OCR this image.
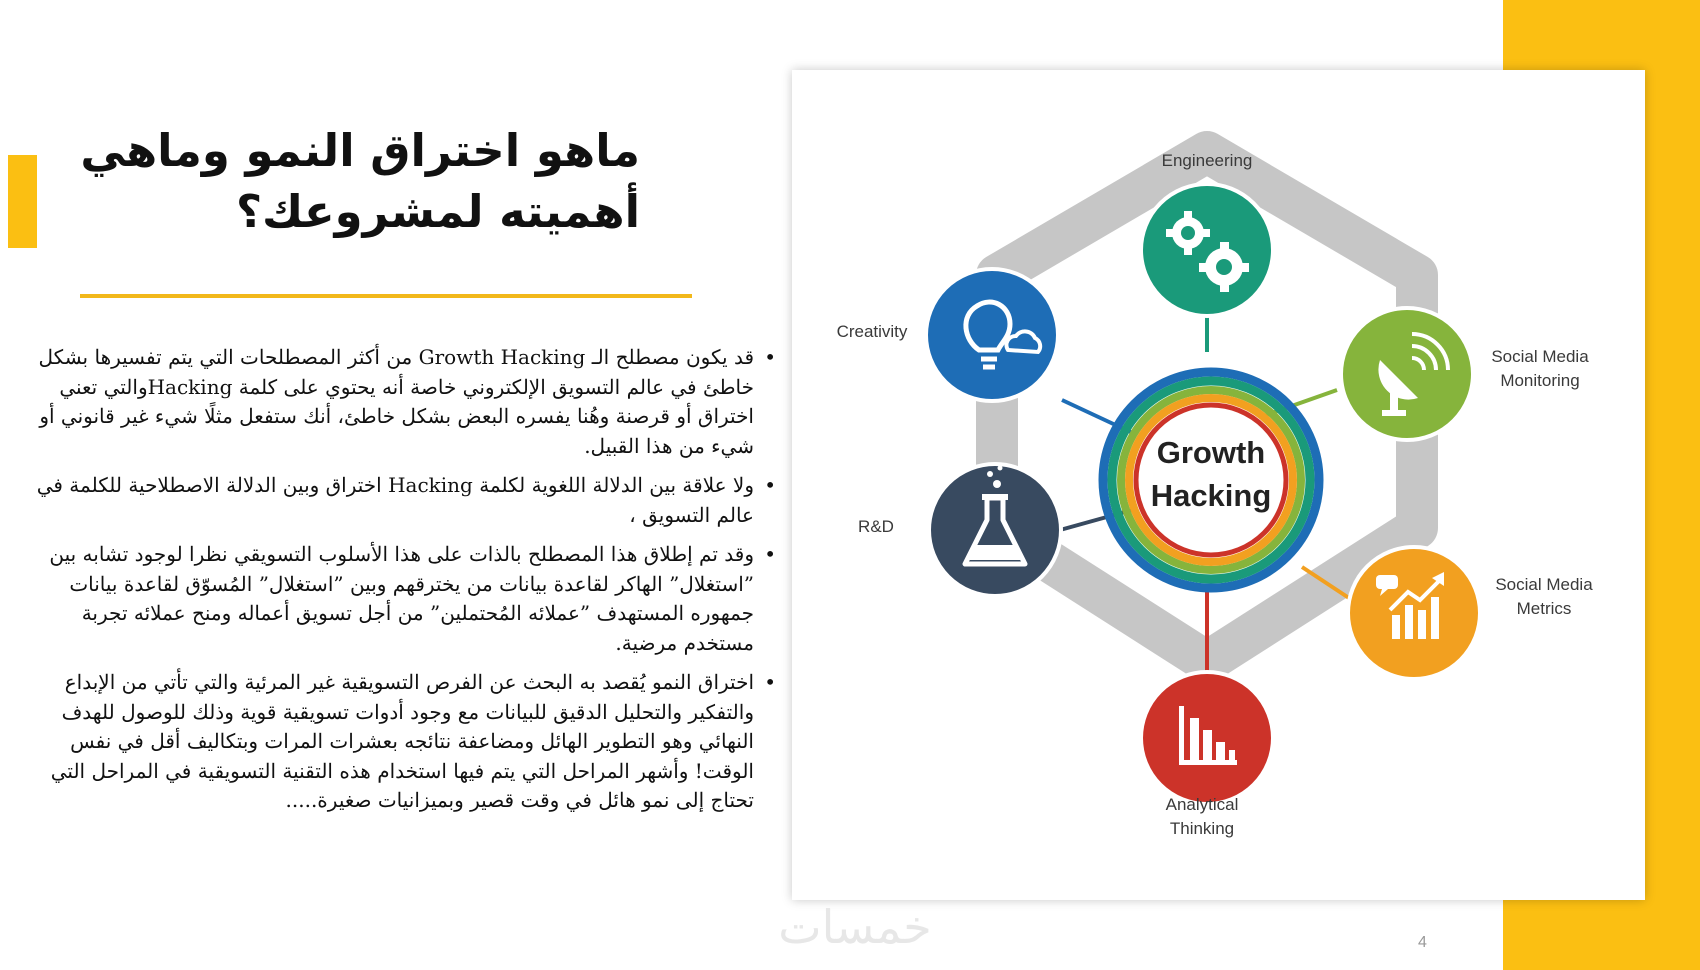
ماهو اختراق النمو وماهي
أهميته لمشروعك؟
• قد يكون مصطلح الـ Growth Hacking من أكثر المصطلحات التي يتم تفسيرها بشكل خاطئ في عالم التسويق الإلكتروني خاصة أنه يحتوي على كلمة Hackingوالتي تعني اختراق أو قرصنة وهُنا يفسره البعض بشكل خاطئ، أنك ستفعل مثلًا شيء غير قانوني أو شيء من هذا القبيل.
• ولا علاقة بين الدلالة اللغوية لكلمة Hacking اختراق وبين الدلالة الاصطلاحية للكلمة في عالم التسويق ،
• وقد تم إطلاق هذا المصطلح بالذات على هذا الأسلوب التسويقي نظرا لوجود تشابه بين ”استغلال” الهاكر لقاعدة بيانات من يخترقهم وبين ”استغلال” المُسوّق لقاعدة بيانات جمهوره المستهدف ”عملائه المُحتملين” من أجل تسويق أعماله ومنح عملائه تجربة مستخدم مرضية.
• اختراق النمو يُقصد به البحث عن الفرص التسويقية غير المرئية والتي تأتي من الإبداع والتفكير والتحليل الدقيق للبيانات مع وجود أدوات تسويقية قوية وذلك للوصول للهدف النهائي وهو التطوير الهائل ومضاعفة نتائجه بعشرات المرات وبتكاليف أقل في نفس الوقت! وأشهر المراحل التي يتم فيها استخدام هذه التقنية التسويقية في المراحل التي تحتاج إلى نمو هائل في وقت قصير وبميزانيات صغيرة.....
Growth
Hacking
Engineering
Social Media
Monitoring
Social Media
Metrics
Analytical
Thinking
R&D
Creativity
خمسات	4
